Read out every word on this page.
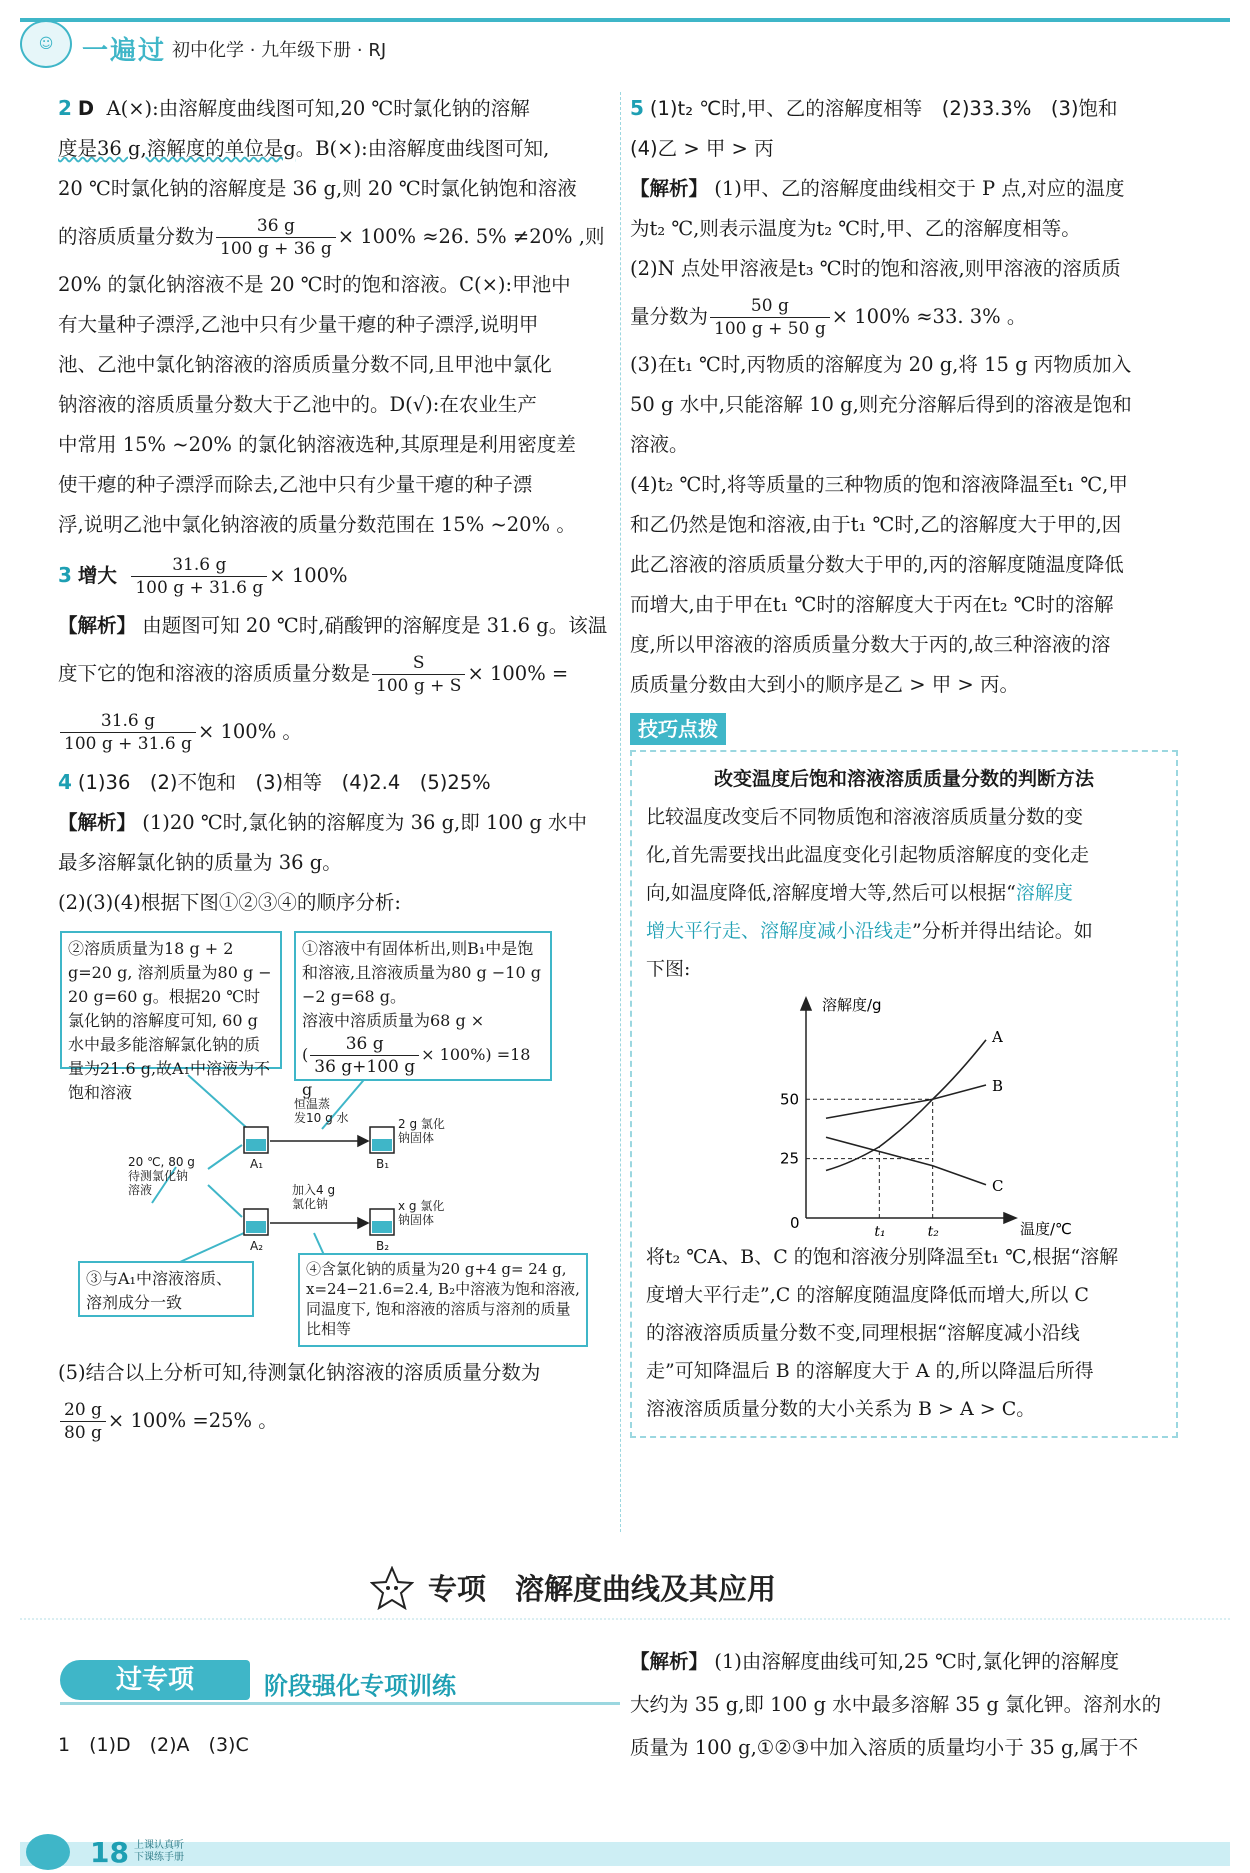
☺	一遍过 初中化学 · 九年级下册 · RJ

2 D A(×):由溶解度曲线图可知,20 ℃时氯化钠的溶解

度是36 g,溶解度的单位是g。B(×):由溶解度曲线图可知,

20 ℃时氯化钠的溶解度是 36 g,则 20 ℃时氯化钠饱和溶液

的溶质质量分数为 $\frac{36 g}{100 g + 36 g} \times 100\% \approx 26$. 5% ≠20% ,则

20% 的氯化钠溶液不是 20 ℃时的饱和溶液。C(×):甲池中

有大量种子漂浮,乙池中只有少量干瘪的种子漂浮,说明甲

池、乙池中氯化钠溶液的溶质质量分数不同,且甲池中氯化

钠溶液的溶质质量分数大于乙池中的。D(√):在农业生产

中常用 15% ~20% 的氯化钠溶液选种,其原理是利用密度差

使干瘪的种子漂浮而除去,乙池中只有少量干瘪的种子漂

浮,说明乙池中氯化钠溶液的质量分数范围在 15% ~20% 。

3 增大 $\frac{31.6 g}{100 g + 31.6 g} \times 100\%$

【解析】 由题图可知 20 ℃时,硝酸钾的溶解度是 31.6 g。该温

度下它的饱和溶液的溶质质量分数是 $\frac{S}{100 g + S} \times 100\%$ =

$\frac{31.6 g}{100 g + 31.6 g} \times 100\%$ 。

4 (1)36　(2)不饱和　(3)相等　(4)2.4　(5)25%

【解析】 (1)20 ℃时,氯化钠的溶解度为 36 g,即 100 g 水中

最多溶解氯化钠的质量为 36 g。

(2)(3)(4)根据下图①②③④的顺序分析:

②溶质质量为18 g + 2 g=20 g, 溶剂质量为80 g − 20 g=60 g。根据20 ℃时氯化钠的溶解度可知, 60 g 水中最多能溶解氯化钠的质量为21.6 g,故A₁中溶液为不饱和溶液
①溶液中有固体析出,则B₁中是饱和溶液,且溶液质量为80 g −10 g −2 g=68 g。
溶液中溶质质量为68 g ×
( $\frac{36 g}{36 g+100 g} \times 100\%) =18$ g
恒温蒸
发10 g 水	2 g 氯化
钠固体
A₁	B₁
20 ℃, 80 g
待测氯化钠
溶液	加入4 g
氯化钠	x g 氯化
钠固体
A₂	B₂
③与A₁中溶液溶质、溶剂成分一致
④含氯化钠的质量为20 g+4 g= 24 g, x=24−21.6=2.4, B₂中溶液为饱和溶液, 同温度下, 饱和溶液的溶质与溶剂的质量比相等

(5)结合以上分析可知,待测氯化钠溶液的溶质质量分数为

$\frac{20 g}{80 g} \times 100\% =25\%$ 。

5 (1)t₂ ℃时,甲、乙的溶解度相等　(2)33.3%　(3)饱和

(4)乙 > 甲 > 丙

【解析】 (1)甲、乙的溶解度曲线相交于 P 点,对应的温度

为t₂ ℃,则表示温度为t₂ ℃时,甲、乙的溶解度相等。

(2)N 点处甲溶液是t₃ ℃时的饱和溶液,则甲溶液的溶质质

量分数为 $\frac{50 g}{100 g + 50 g} \times 100\% \approx 33$. 3% 。

(3)在t₁ ℃时,丙物质的溶解度为 20 g,将 15 g 丙物质加入

50 g 水中,只能溶解 10 g,则充分溶解后得到的溶液是饱和

溶液。

(4)t₂ ℃时,将等质量的三种物质的饱和溶液降温至t₁ ℃,甲

和乙仍然是饱和溶液,由于t₁ ℃时,乙的溶解度大于甲的,因

此乙溶液的溶质质量分数大于甲的,丙的溶解度随温度降低

而增大,由于甲在t₁ ℃时的溶解度大于丙在t₂ ℃时的溶解

度,所以甲溶液的溶质质量分数大于丙的,故三种溶液的溶

质质量分数由大到小的顺序是乙 > 甲 > 丙。

技巧点拨

改变温度后饱和溶液溶质质量分数的判断方法

比较温度改变后不同物质饱和溶液溶质质量分数的变

化,首先需要找出此温度变化引起物质溶解度的变化走

向,如温度降低,溶解度增大等,然后可以根据“溶解度

增大平行走、溶解度减小沿线走”分析并得出结论。如

下图:

25
50
t₁	t₂
A
B
C
溶解度/g
温度/℃
0

将t₂ ℃A、B、C 的饱和溶液分别降温至t₁ ℃,根据“溶解

度增大平行走”,C 的溶解度随温度降低而增大,所以 C

的溶液溶质质量分数不变,同理根据“溶解度减小沿线

走”可知降温后 B 的溶解度大于 A 的,所以降温后所得

溶液溶质质量分数的大小关系为 B > A > C。

专项　溶解度曲线及其应用
过专项	阶段强化专项训练
1　(1)D　(2)A　(3)C

【解析】 (1)由溶解度曲线可知,25 ℃时,氯化钾的溶解度

大约为 35 g,即 100 g 水中最多溶解 35 g 氯化钾。溶剂水的

质量为 100 g,①②③中加入溶质的质量均小于 35 g,属于不

18 上课认真听
下课练手册
